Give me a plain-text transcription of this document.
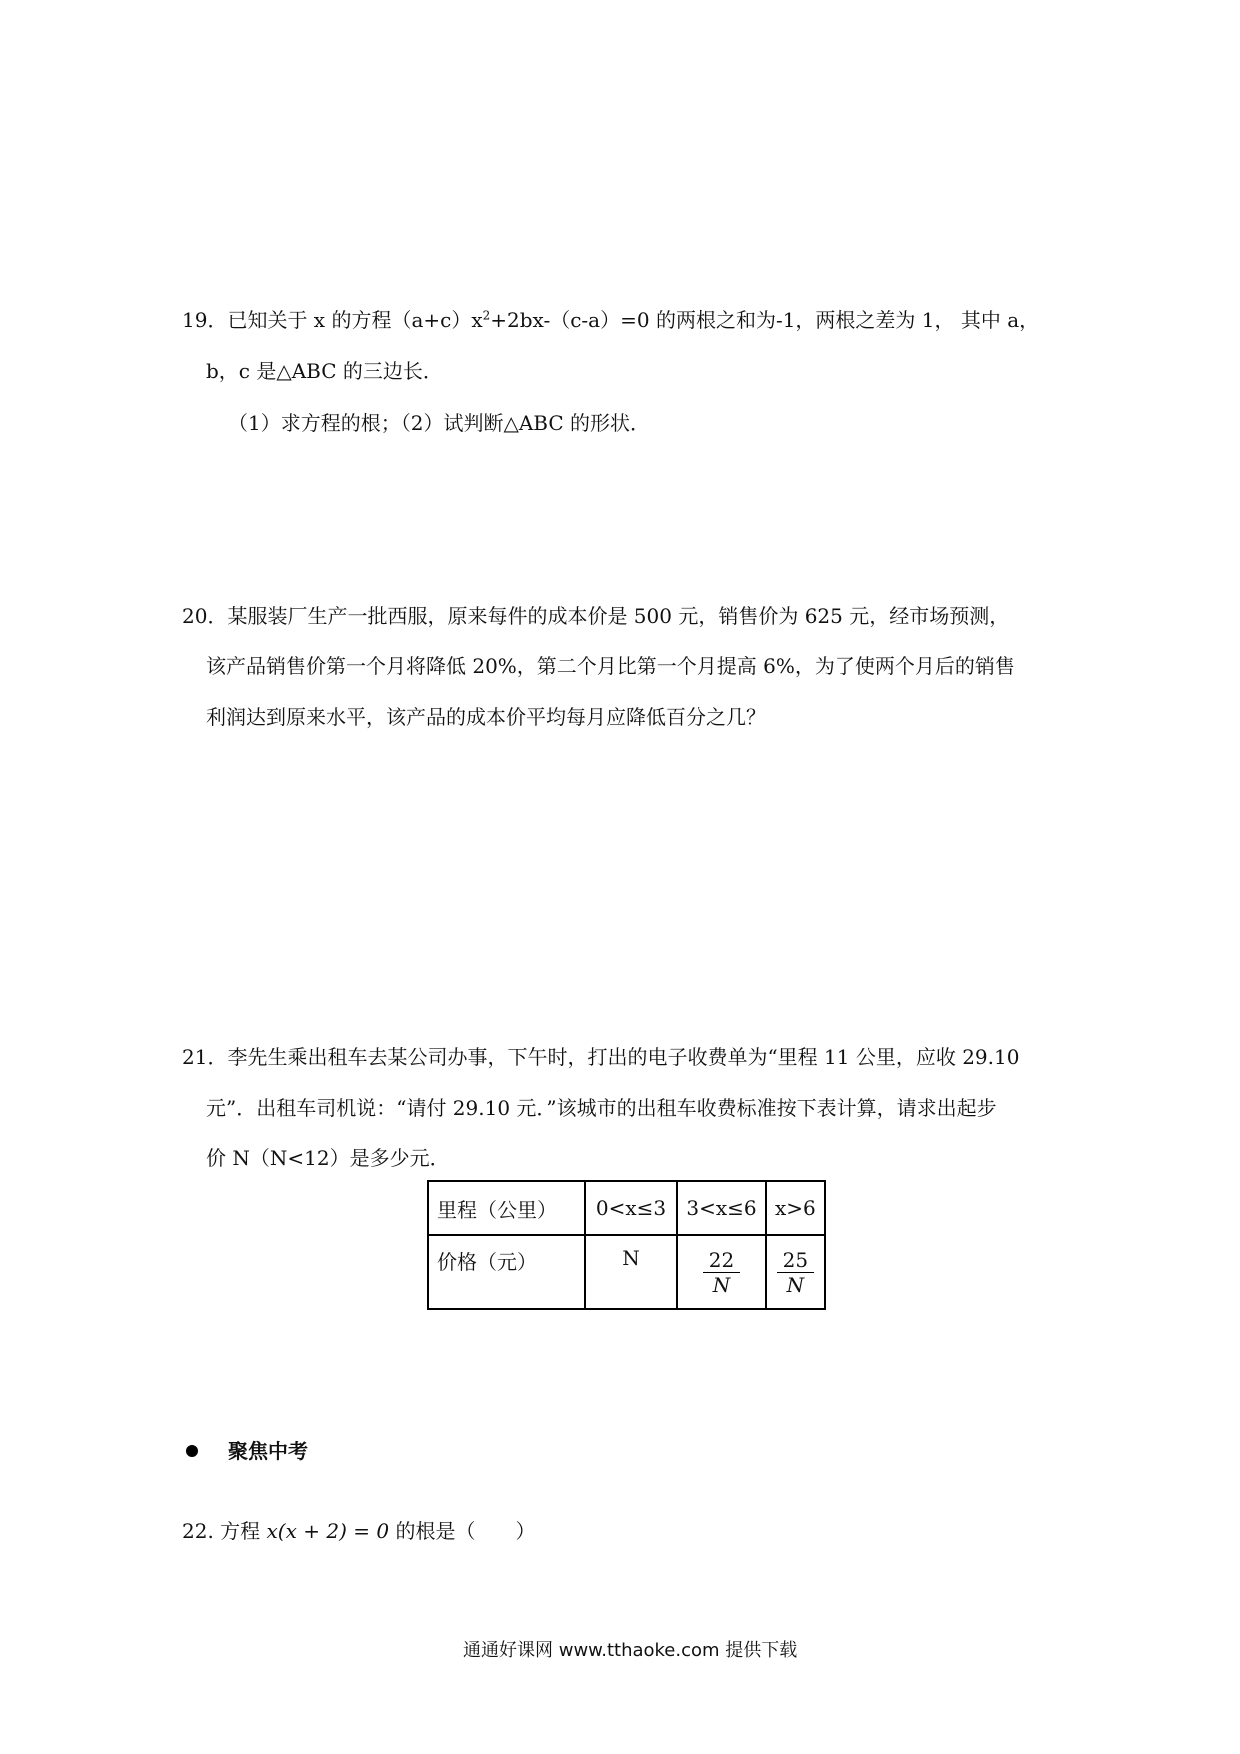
19．已知关于 x 的方程$(a+c)x^2+2bx-(c-a)=0$ 的两根之和为-1，两根之差为 1， 其中 a，
b，c 是△ABC 的三边长．
（1）求方程的根；（2）试判断△ABC 的形状．
20．某服装厂生产一批西服，原来每件的成本价是 500 元，销售价为 625 元，经市场预测，
该产品销售价第一个月将降低 20%，第二个月比第一个月提高 6%，为了使两个月后的销售
利润达到原来水平，该产品的成本价平均每月应降低百分之几？
21．李先生乘出租车去某公司办事，下午时，打出的电子收费单为“里程 11 公里，应收 29.10
元”．出租车司机说：“请付 29.10 元．”该城市的出租车收费标准按下表计算，请求出起步
价 N（N<12）是多少元．
里程（公里）	0<x≤3	3<x≤6	x>6
价格（元）	N	$\frac{22}{N}$	$\frac{25}{N}$
聚焦中考
22. 方程 x(x + 2) = 0 的根是（　　）
通通好课网 www.tthaoke.com 提供下载
